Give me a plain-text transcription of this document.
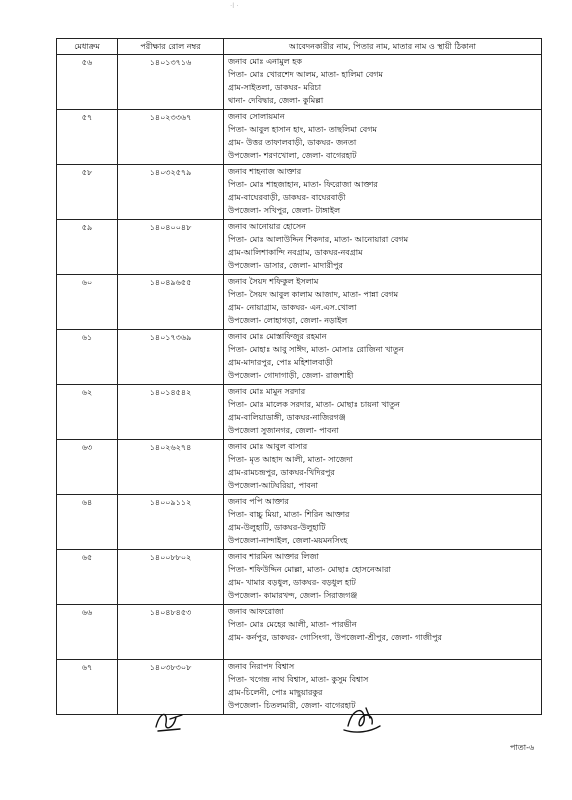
·l ·
মেধাক্রম	পরীক্ষার রোল নম্বর	আবেদনকারীর নাম, পিতার নাম, মাতার নাম ও স্থায়ী ঠিকানা
৫৬	১৪০১৩৭১৬	জনাব মোঃ এনামুল হক
পিতা- মোঃ খোরশেদ আলম, মাতা- হালিমা বেগম
গ্রাম-সাইতলা, ডাকঘর- মরিচা
থানা- দেবিদ্বার, জেলা- কুমিল্লা

৫৭	১৪০২৩৩৬৭	জনাব সোলায়মান
পিতা- আবুল হাসান হাং, মাতা- তাছলিমা বেগম
গ্রাম- উত্তর তাফালবাড়ী, ডাকঘর- জনতা
উপজেলা- শরণখোলা, জেলা- বাগেরহাট

৫৮	১৪০৩২৫৭৯	জনাব শাহনাজ আক্তার
পিতা- মোঃ শাহজাহান, মাতা- ফিরোজা আক্তার
গ্রাম-বাঘেরবাড়ী, ডাকঘর- বাঘেরবাড়ী
উপজেলা- সখিপুর, জেলা- টাঙ্গাইল

৫৯	১৪০৪০০৪৮	জনাব আনোয়ার হোসেন
পিতা- মোঃ আলাউদ্দিন শিকদার, মাতা- আনোয়ারা বেগম
গ্রাম-আলিশাকান্দি নবগ্রাম, ডাকঘর-নবগ্রাম
উপজেলা- ডাসার, জেলা- মাদারীপুর

৬০	১৪০৪৯৬৫৫	জনাব সৈয়দ শফিকুল ইসলাম
পিতা- সৈয়দ আবুল কালাম আজাদ, মাতা- পান্না বেগম
গ্রাম- নোয়াগ্রাম, ডাকঘর- এন.এস.খোলা
উপজেলা- লোহাগড়া, জেলা- নড়াইল

৬১	১৪০১৭৩৬৯	জনাব মোঃ মোস্তাফিজুর রহমান
পিতা- মোহাঃ আবু সাঈদ, মাতা- মোসাঃ রোজিনা খাতুন
গ্রাম-মাদারপুর, পোঃ মহিশালবাড়ী
উপজেলা- গোদাগাড়ী, জেলা- রাজশাহী

৬২	১৪০১৪৫৪২	জনাব মোঃ মামুন সরদার
পিতা- মোঃ মালেক সরদার, মাতা- মোছাঃ চায়না খাতুন
গ্রাম-বালিয়াডাঙ্গী, ডাকঘর-নাজিরগঞ্জ
উপজেলা সুজানগর, জেলা- পাবনা

৬৩	১৪০২৬২৭৪	জনাব মোঃ আবুল বাসার
পিতা- মৃত আহাদ আলী, মাতা- সাজেদা
গ্রাম-রামচন্দ্রপুর, ডাকঘর-খিদিরপুর
উপজেলা-আটঘরিয়া, পাবনা

৬৪	১৪০০৯১১২	জনাব পপি আক্তার
পিতা- বাচ্চু মিয়া, মাতা- শিরিন আক্তার
গ্রাম-উলুহাটি, ডাকঘর-উলুহাটি
উপজেলা-নান্দাইল, জেলা-ময়মনসিংহ

৬৫	১৪০০৮৮০২	জনাব শারমিন আক্তার লিজা
পিতা- শফিউদ্দিন মোল্লা, মাতা- মোছাঃ হোসনেআরা
গ্রাম- খামার বড়ধুল, ডাকঘর- বড়ধুল হাট
উপজেলা- কামারখন্দ, জেলা- সিরাজগঞ্জ

৬৬	১৪০৪৮৪৫৩	জনাব আফরোজা
পিতা- মোঃ মেহের আলী, মাতা- পারভীন
গ্রাম- কর্নপুর, ডাকঘর- গোসিংগা, উপজেলা-শ্রীপুর, জেলা- গাজীপুর

৬৭	১৪০৩৮৩০৮	জনাব নিরাপদ বিশ্বাস
পিতা- খগেন্দ্র নাথ বিশ্বাস, মাতা- কুসুম বিশ্বাস
গ্রাম-চিলেনী, পোঃ মাছুয়ারকুর
উপজেলা- চিতলমারী, জেলা- বাগেরহাট
পাতা-৬
